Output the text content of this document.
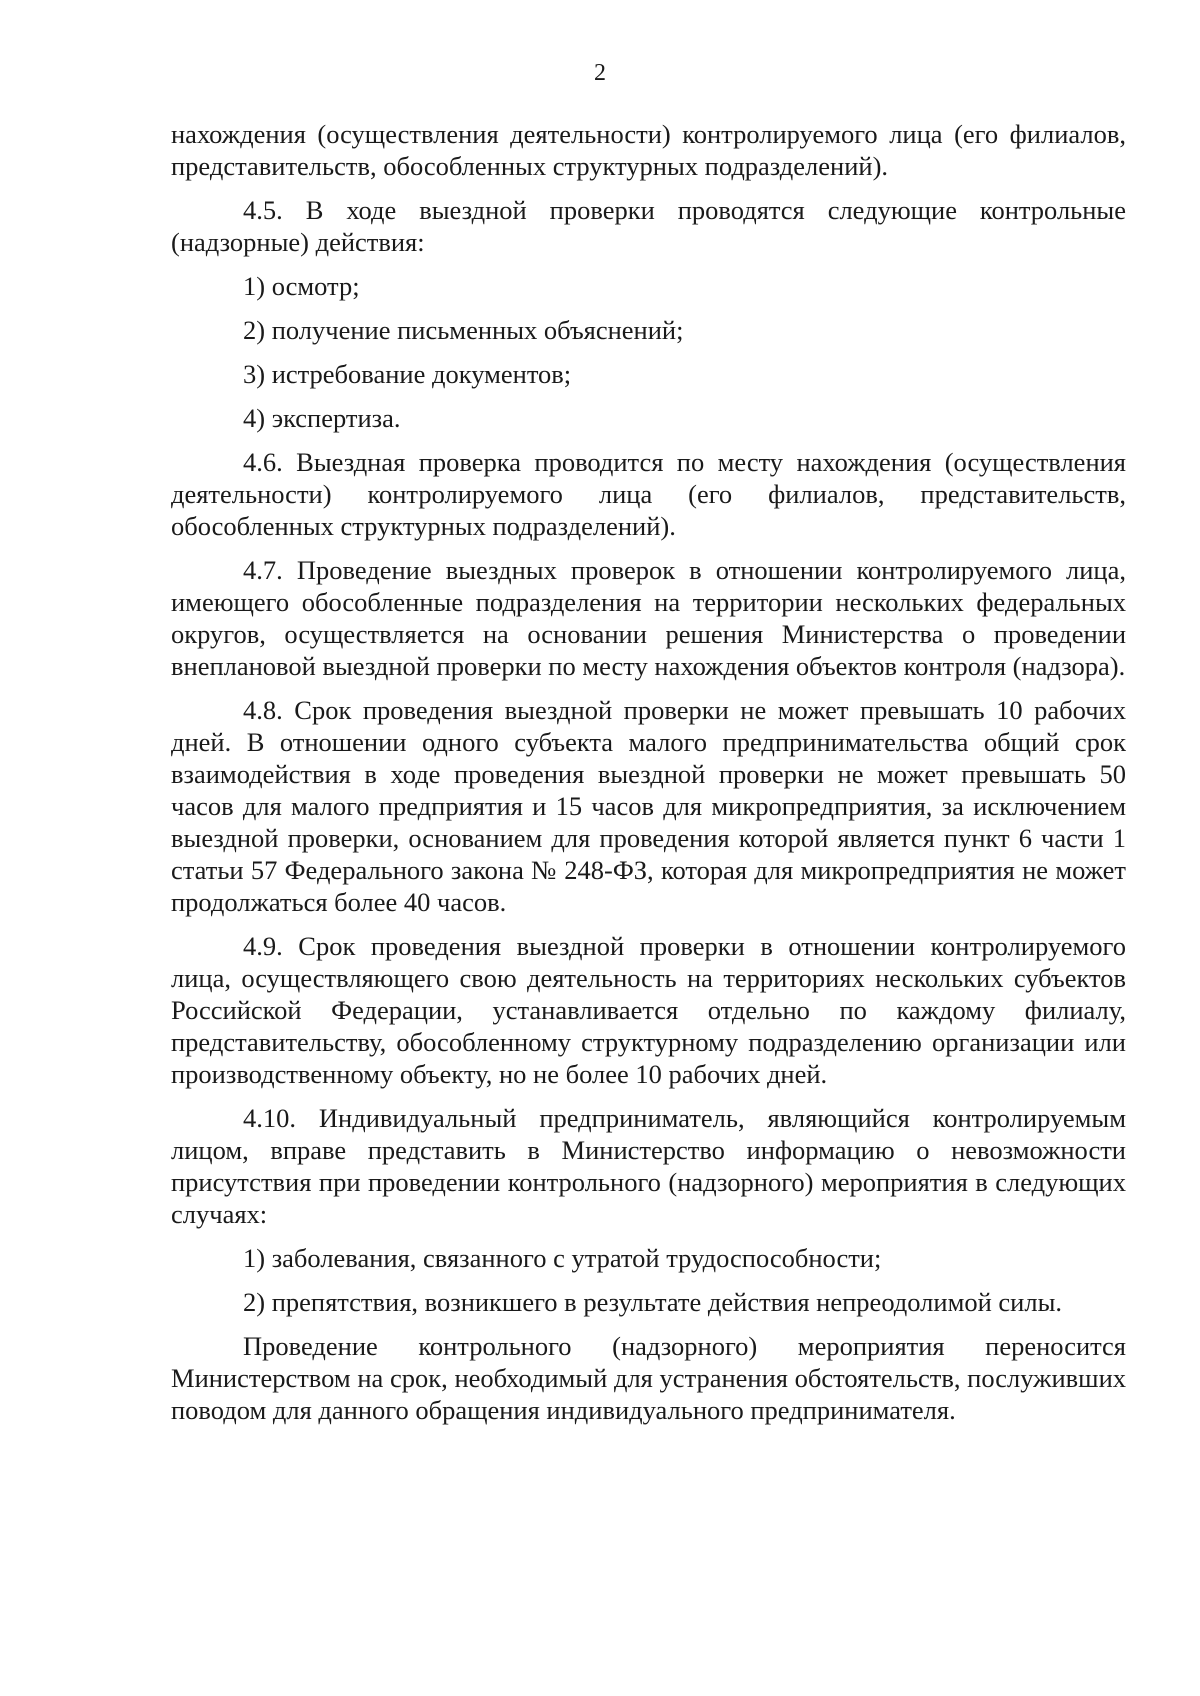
2

нахождения (осуществления деятельности) контролируемого лица (его филиалов, представительств, обособленных структурных подразделений).

4.5. В ходе выездной проверки проводятся следующие контрольные (надзорные) действия:

1) осмотр;

2) получение письменных объяснений;

3) истребование документов;

4) экспертиза.

4.6. Выездная проверка проводится по месту нахождения (осуществления деятельности) контролируемого лица (его филиалов, представительств, обособленных структурных подразделений).

4.7. Проведение выездных проверок в отношении контролируемого лица, имеющего обособленные подразделения на территории нескольких федеральных округов, осуществляется на основании решения Министерства о проведении внеплановой выездной проверки по месту нахождения объектов контроля (надзора).

4.8. Срок проведения выездной проверки не может превышать 10 рабочих дней. В отношении одного субъекта малого предпринимательства общий срок взаимодействия в ходе проведения выездной проверки не может превышать 50 часов для малого предприятия и 15 часов для микропредприятия, за исключением выездной проверки, основанием для проведения которой является пункт 6 части 1 статьи 57 Федерального закона № 248-ФЗ, которая для микропредприятия не может продолжаться более 40 часов.

4.9. Срок проведения выездной проверки в отношении контролируемого лица, осуществляющего свою деятельность на территориях нескольких субъектов Российской Федерации, устанавливается отдельно по каждому филиалу, представительству, обособленному структурному подразделению организации или производственному объекту, но не более 10 рабочих дней.

4.10. Индивидуальный предприниматель, являющийся контролируемым лицом, вправе представить в Министерство информацию о невозможности присутствия при проведении контрольного (надзорного) мероприятия в следующих случаях:

1) заболевания, связанного с утратой трудоспособности;

2) препятствия, возникшего в результате действия непреодолимой силы.

Проведение контрольного (надзорного) мероприятия переносится Министерством на срок, необходимый для устранения обстоятельств, послуживших поводом для данного обращения индивидуального предпринимателя.
